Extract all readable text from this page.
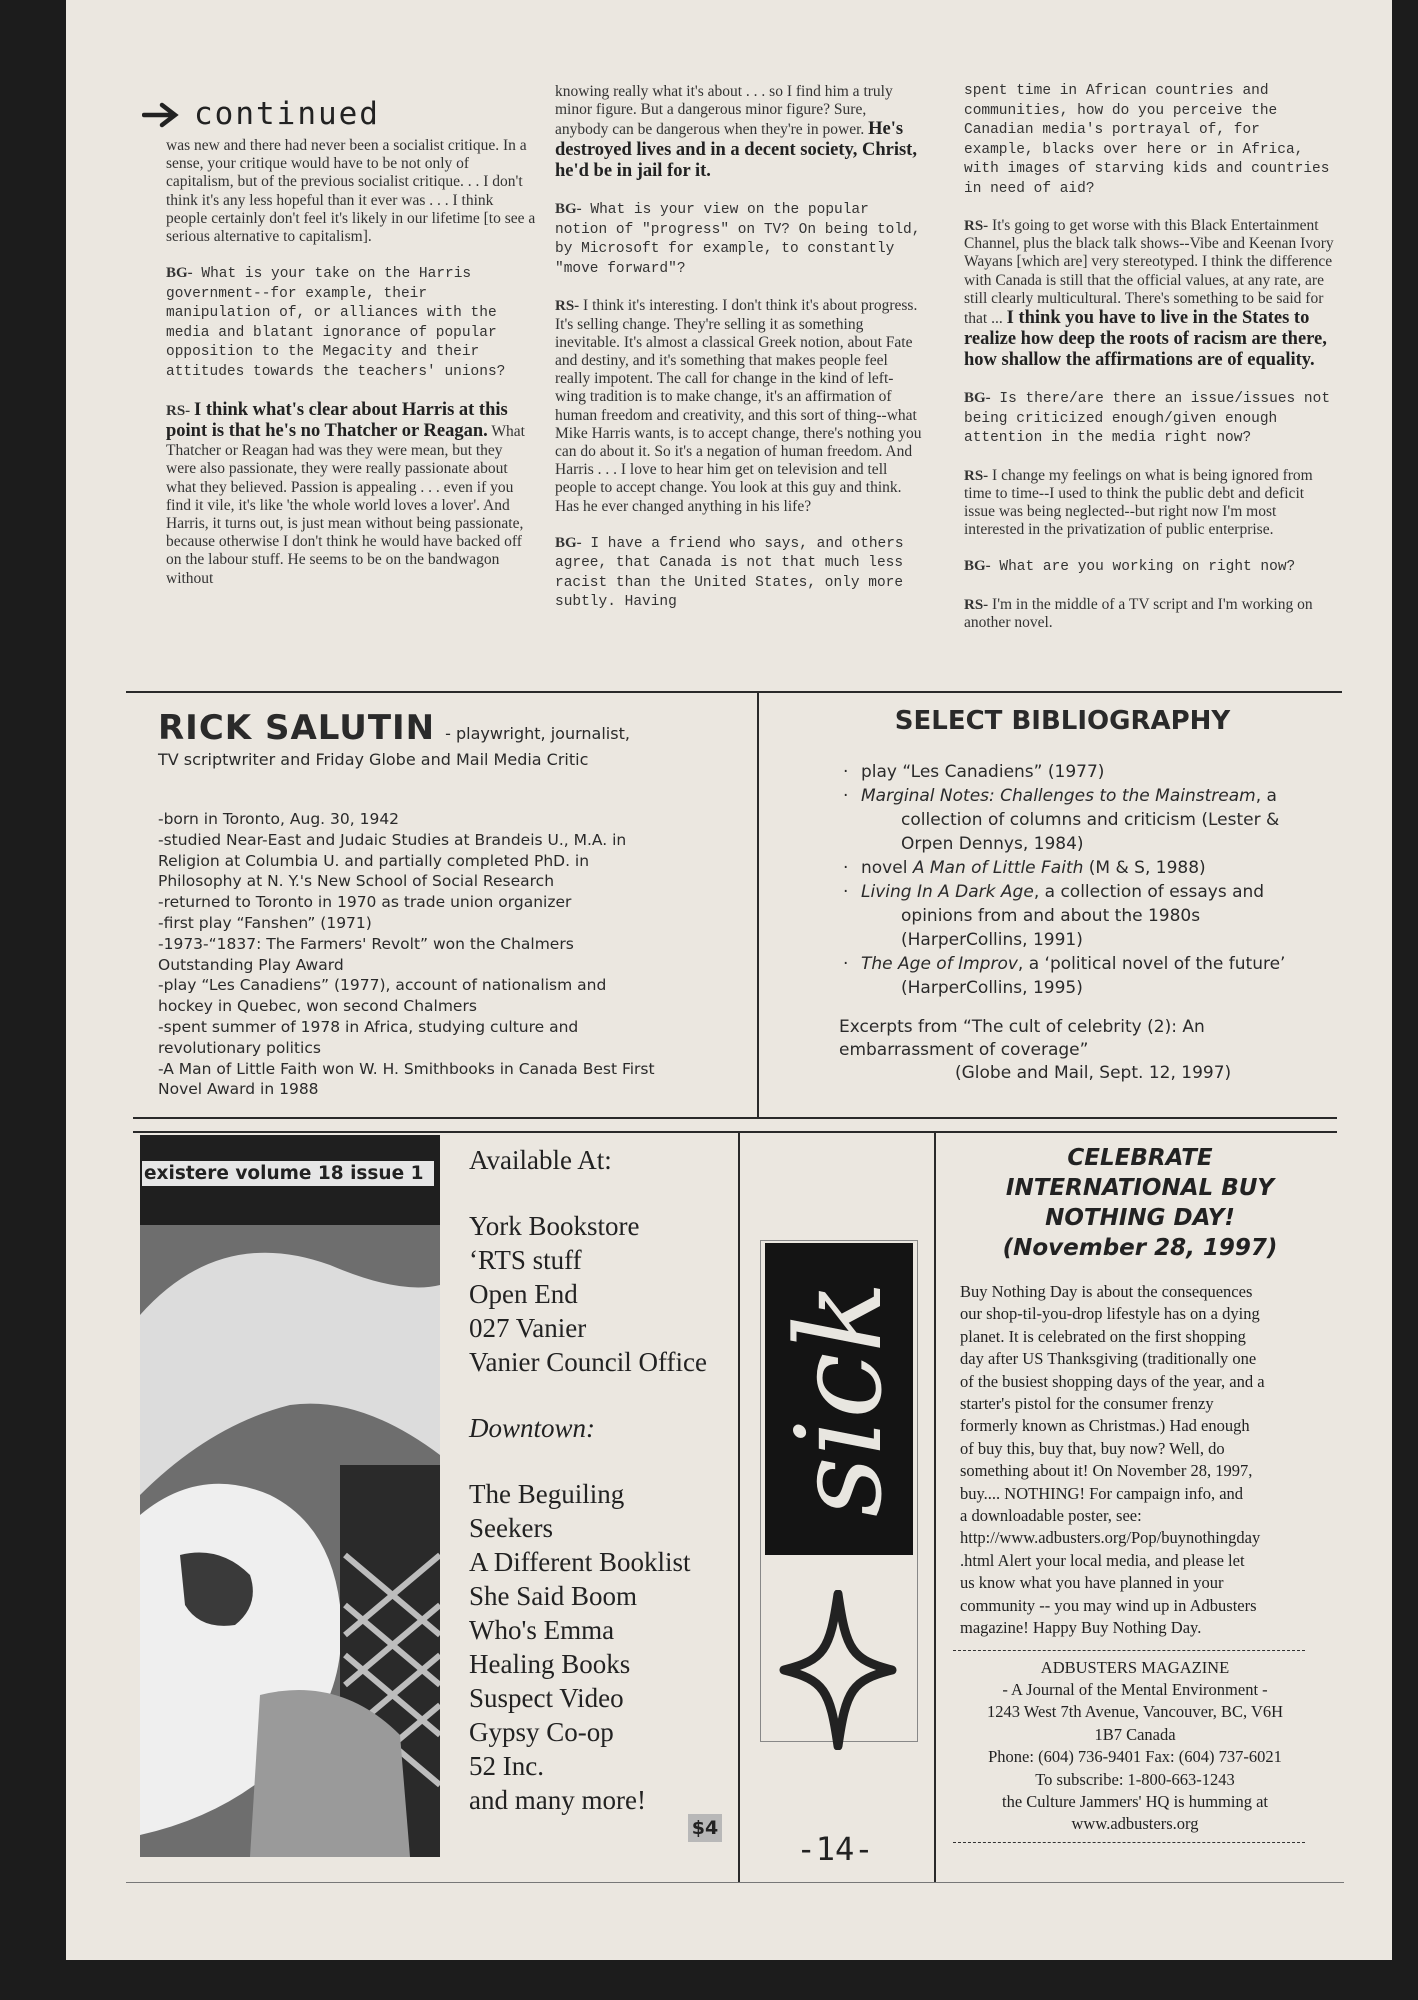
continued

was new and there had never been a socialist critique. In a sense, your critique would have to be not only of capitalism, but of the previous socialist critique. . . I don't think it's any less hopeful than it ever was . . . I think people certainly don't feel it's likely in our lifetime [to see a serious alternative to capitalism].

BG- What is your take on the Harris government--for example, their manipulation of, or alliances with the media and blatant ignorance of popular opposition to the Megacity and their attitudes towards the teachers' unions?

RS- I think what's clear about Harris at this point is that he's no Thatcher or Reagan. What Thatcher or Reagan had was they were mean, but they were also passionate, they were really passionate about what they believed. Passion is appealing . . . even if you find it vile, it's like 'the whole world loves a lover'. And Harris, it turns out, is just mean without being passionate, because otherwise I don't think he would have backed off on the labour stuff. He seems to be on the bandwagon without

knowing really what it's about . . . so I find him a truly minor figure. But a dangerous minor figure? Sure, anybody can be dangerous when they're in power. He's destroyed lives and in a decent society, Christ, he'd be in jail for it.

BG- What is your view on the popular notion of "progress" on TV? On being told, by Microsoft for example, to constantly "move forward"?

RS- I think it's interesting. I don't think it's about progress. It's selling change. They're selling it as something inevitable. It's almost a classical Greek notion, about Fate and destiny, and it's something that makes people feel really impotent. The call for change in the kind of left-wing tradition is to make change, it's an affirmation of human freedom and creativity, and this sort of thing--what Mike Harris wants, is to accept change, there's nothing you can do about it. So it's a negation of human freedom. And Harris . . . I love to hear him get on television and tell people to accept change. You look at this guy and think. Has he ever changed anything in his life?

BG- I have a friend who says, and others agree, that Canada is not that much less racist than the United States, only more subtly. Having

spent time in African countries and communities, how do you perceive the Canadian media's portrayal of, for example, blacks over here or in Africa, with images of starving kids and countries in need of aid?

RS- It's going to get worse with this Black Entertainment Channel, plus the black talk shows--Vibe and Keenan Ivory Wayans [which are] very stereotyped. I think the difference with Canada is still that the official values, at any rate, are still clearly multicultural. There's something to be said for that ... I think you have to live in the States to realize how deep the roots of racism are there, how shallow the affirmations are of equality.

BG- Is there/are there an issue/issues not being criticized enough/given enough attention in the media right now?

RS- I change my feelings on what is being ignored from time to time--I used to think the public debt and deficit issue was being neglected--but right now I'm most interested in the privatization of public enterprise.

BG- What are you working on right now?

RS- I'm in the middle of a TV script and I'm working on another novel.

RICK SALUTIN - playwright, journalist,
TV scriptwriter and Friday Globe and Mail Media Critic
-born in Toronto, Aug. 30, 1942
-studied Near-East and Judaic Studies at Brandeis U., M.A. in
Religion at Columbia U. and partially completed PhD. in
Philosophy at N. Y.'s New School of Social Research
-returned to Toronto in 1970 as trade union organizer
-first play “Fanshen” (1971)
-1973-“1837: The Farmers' Revolt” won the Chalmers
Outstanding Play Award
-play “Les Canadiens” (1977), account of nationalism and
hockey in Quebec, won second Chalmers
-spent summer of 1978 in Africa, studying culture and
revolutionary politics
-A Man of Little Faith won W. H. Smithbooks in Canada Best First
Novel Award in 1988
SELECT BIBLIOGRAPHY
· play “Les Canadiens” (1977)
· Marginal Notes: Challenges to the Mainstream, a
collection of columns and criticism (Lester & Orpen Dennys, 1984)
· novel A Man of Little Faith (M & S, 1988)
· Living In A Dark Age, a collection of essays and
opinions from and about the 1980s (HarperCollins, 1991)
· The Age of Improv, a ‘political novel of the future’
(HarperCollins, 1995)
Excerpts from “The cult of celebrity (2): An
embarrassment of coverage”
(Globe and Mail, Sept. 12, 1997)
existere volume 18 issue 1	Available At:
York Bookstore
‘RTS stuff
Open End
027 Vanier
Vanier Council Office
Downtown:
The Beguiling
Seekers
A Different Booklist
She Said Boom
Who's Emma
Healing Books
Suspect Video
Gypsy Co-op
52 Inc.
and many more!
$4
sick
-14-
CELEBRATE
INTERNATIONAL BUY
NOTHING DAY!
(November 28, 1997)
Buy Nothing Day is about the consequences
our shop-til-you-drop lifestyle has on a dying
planet. It is celebrated on the first shopping
day after US Thanksgiving (traditionally one
of the busiest shopping days of the year, and a
starter's pistol for the consumer frenzy
formerly known as Christmas.) Had enough
of buy this, buy that, buy now? Well, do
something about it! On November 28, 1997,
buy.... NOTHING! For campaign info, and
a downloadable poster, see:
http://www.adbusters.org/Pop/buynothingday
.html Alert your local media, and please let
us know what you have planned in your
community -- you may wind up in Adbusters
magazine! Happy Buy Nothing Day.
ADBUSTERS MAGAZINE
- A Journal of the Mental Environment -
1243 West 7th Avenue, Vancouver, BC, V6H
1B7 Canada
Phone: (604) 736-9401 Fax: (604) 737-6021
To subscribe: 1-800-663-1243
the Culture Jammers' HQ is humming at
www.adbusters.org
